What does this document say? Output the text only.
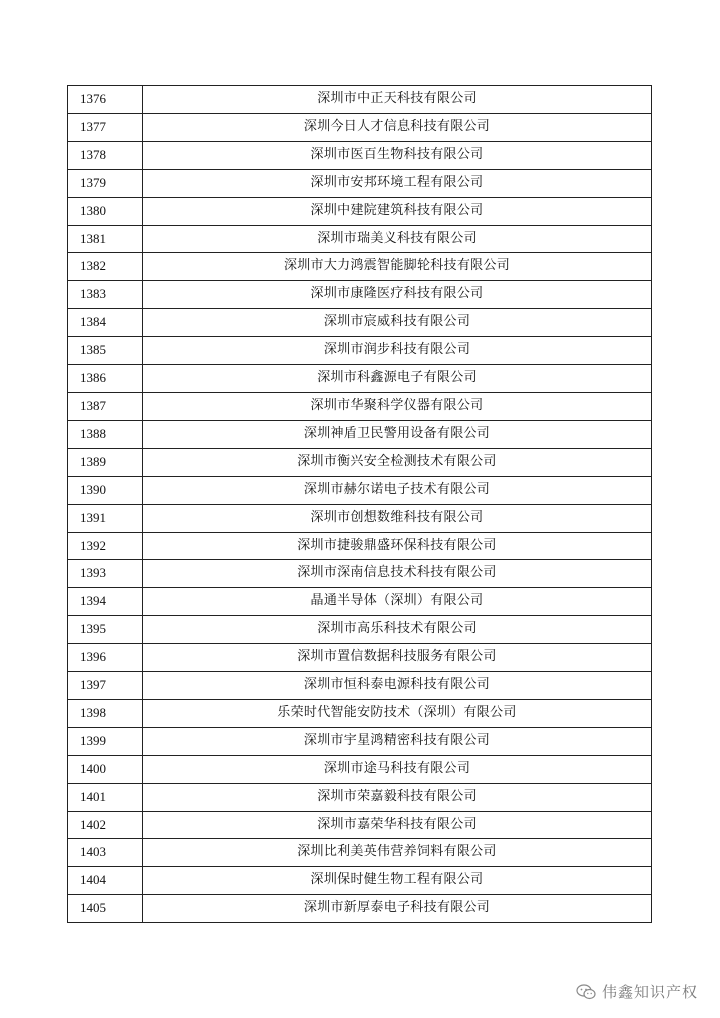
1376	深圳市中正天科技有限公司
1377	深圳今日人才信息科技有限公司
1378	深圳市医百生物科技有限公司
1379	深圳市安邦环境工程有限公司
1380	深圳中建院建筑科技有限公司
1381	深圳市瑞美义科技有限公司
1382	深圳市大力鸿震智能脚轮科技有限公司
1383	深圳市康隆医疗科技有限公司
1384	深圳市宸威科技有限公司
1385	深圳市润步科技有限公司
1386	深圳市科鑫源电子有限公司
1387	深圳市华聚科学仪器有限公司
1388	深圳神盾卫民警用设备有限公司
1389	深圳市衡兴安全检测技术有限公司
1390	深圳市赫尔诺电子技术有限公司
1391	深圳市创想数维科技有限公司
1392	深圳市捷骏鼎盛环保科技有限公司
1393	深圳市深南信息技术科技有限公司
1394	晶通半导体（深圳）有限公司
1395	深圳市高乐科技术有限公司
1396	深圳市置信数据科技服务有限公司
1397	深圳市恒科泰电源科技有限公司
1398	乐荣时代智能安防技术（深圳）有限公司
1399	深圳市宇星鸿精密科技有限公司
1400	深圳市途马科技有限公司
1401	深圳市荣嘉毅科技有限公司
1402	深圳市嘉荣华科技有限公司
1403	深圳比利美英伟营养饲料有限公司
1404	深圳保时健生物工程有限公司
1405	深圳市新厚泰电子科技有限公司
伟鑫知识产权
